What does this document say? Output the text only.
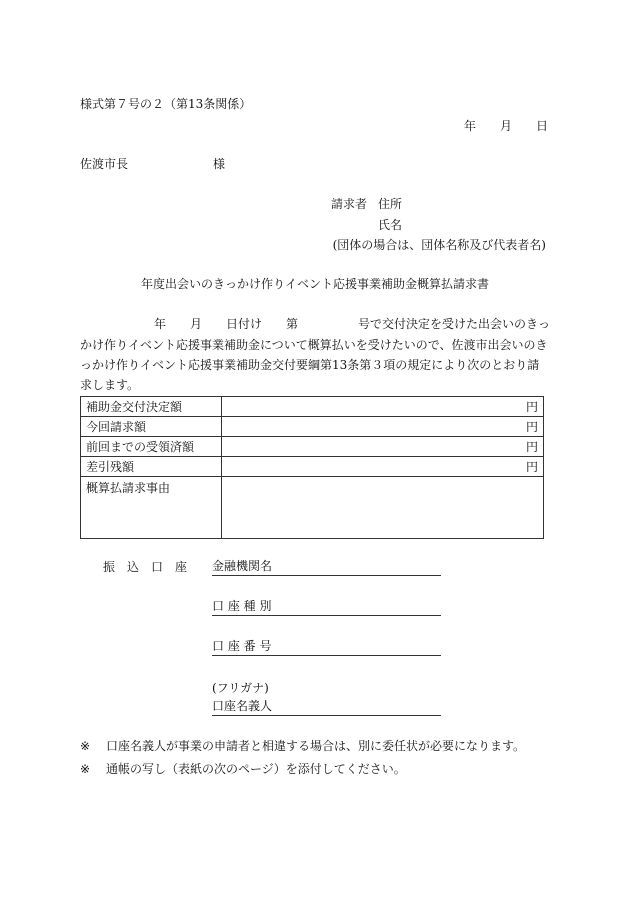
様式第７号の２（第13条関係）
年　　月　　日
佐渡市長	様
請求者 住所
氏名
(団体の場合は、団体名称及び代表者名)
年度出会いのきっかけ作りイベント応援事業補助金概算払請求書
年　　月　　日付け　　第　　　　　号で交付決定を受けた出会いのきっ
かけ作りイベント応援事業補助金について概算払いを受けたいので、佐渡市出会いのき
っかけ作りイベント応援事業補助金交付要綱第13条第３項の規定により次のとおり請
求します。
補助金交付決定額	円
今回請求額	円
前回までの受領済額	円
差引残額	円
概算払請求事由	
振　込　口　座 金融機関名
口 座 種 別
口 座 番 号
(フリガナ)
口座名義人
※ 口座名義人が事業の申請者と相違する場合は、別に委任状が必要になります。
※ 通帳の写し（表紙の次のページ）を添付してください。
